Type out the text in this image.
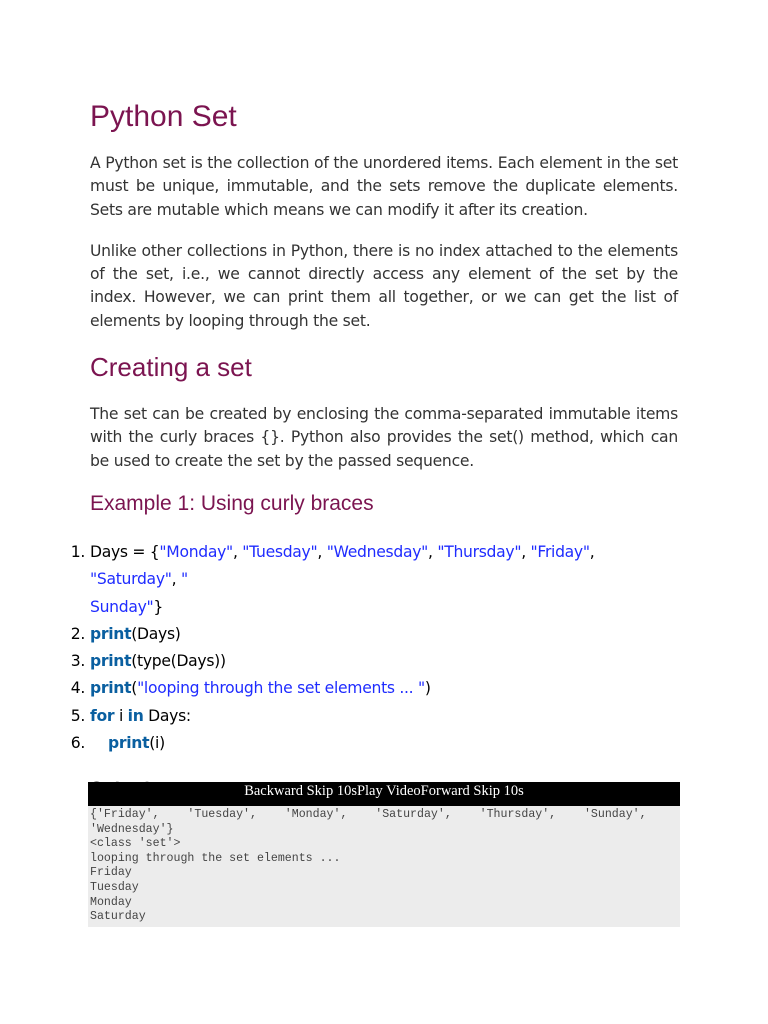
Python Set

A Python set is the collection of the unordered items. Each element in the set must be unique, immutable, and the sets remove the duplicate elements. Sets are mutable which means we can modify it after its creation.

Unlike other collections in Python, there is no index attached to the elements of the set, i.e., we cannot directly access any element of the set by the index. However, we can print them all together, or we can get the list of elements by looping through the set.

Creating a set

The set can be created by enclosing the comma-separated immutable items with the curly braces {}. Python also provides the set() method, which can be used to create the set by the passed sequence.

Example 1: Using curly braces
1. Days = {"Monday", "Tuesday", "Wednesday", "Thursday", "Friday", "Saturday", "
Sunday"}
2. print(Days)
3. print(type(Days))
4. print("looping through the set elements ... ")
5. for i in Days:
6. print(i)
Backward Skip 10sPlay VideoForward Skip 10s
{'Friday',    'Tuesday',    'Monday',    'Saturday',    'Thursday',    'Sunday',
'Wednesday'}
<class 'set'>
looping through the set elements ...
Friday
Tuesday
Monday
Saturday
